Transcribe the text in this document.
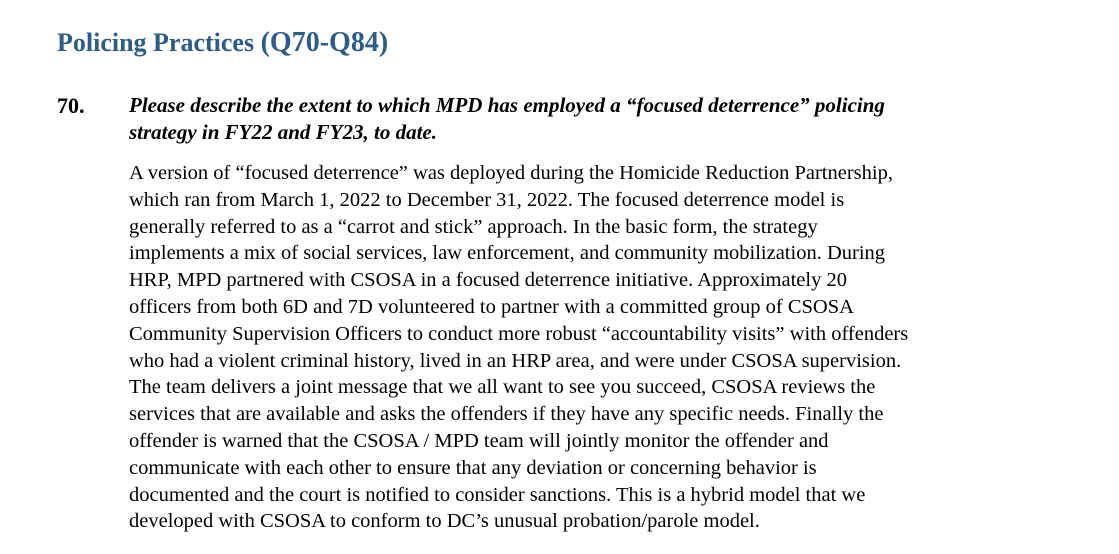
Policing Practices (Q70-Q84)
70. Please describe the extent to which MPD has employed a “focused deterrence” policing
strategy in FY22 and FY23, to date.
A version of “focused deterrence” was deployed during the Homicide Reduction Partnership,
which ran from March 1, 2022 to December 31, 2022. The focused deterrence model is
generally referred to as a “carrot and stick” approach. In the basic form, the strategy
implements a mix of social services, law enforcement, and community mobilization. During
HRP, MPD partnered with CSOSA in a focused deterrence initiative. Approximately 20
officers from both 6D and 7D volunteered to partner with a committed group of CSOSA
Community Supervision Officers to conduct more robust “accountability visits” with offenders
who had a violent criminal history, lived in an HRP area, and were under CSOSA supervision.
The team delivers a joint message that we all want to see you succeed, CSOSA reviews the
services that are available and asks the offenders if they have any specific needs. Finally the
offender is warned that the CSOSA / MPD team will jointly monitor the offender and
communicate with each other to ensure that any deviation or concerning behavior is
documented and the court is notified to consider sanctions. This is a hybrid model that we
developed with CSOSA to conform to DC’s unusual probation/parole model.
